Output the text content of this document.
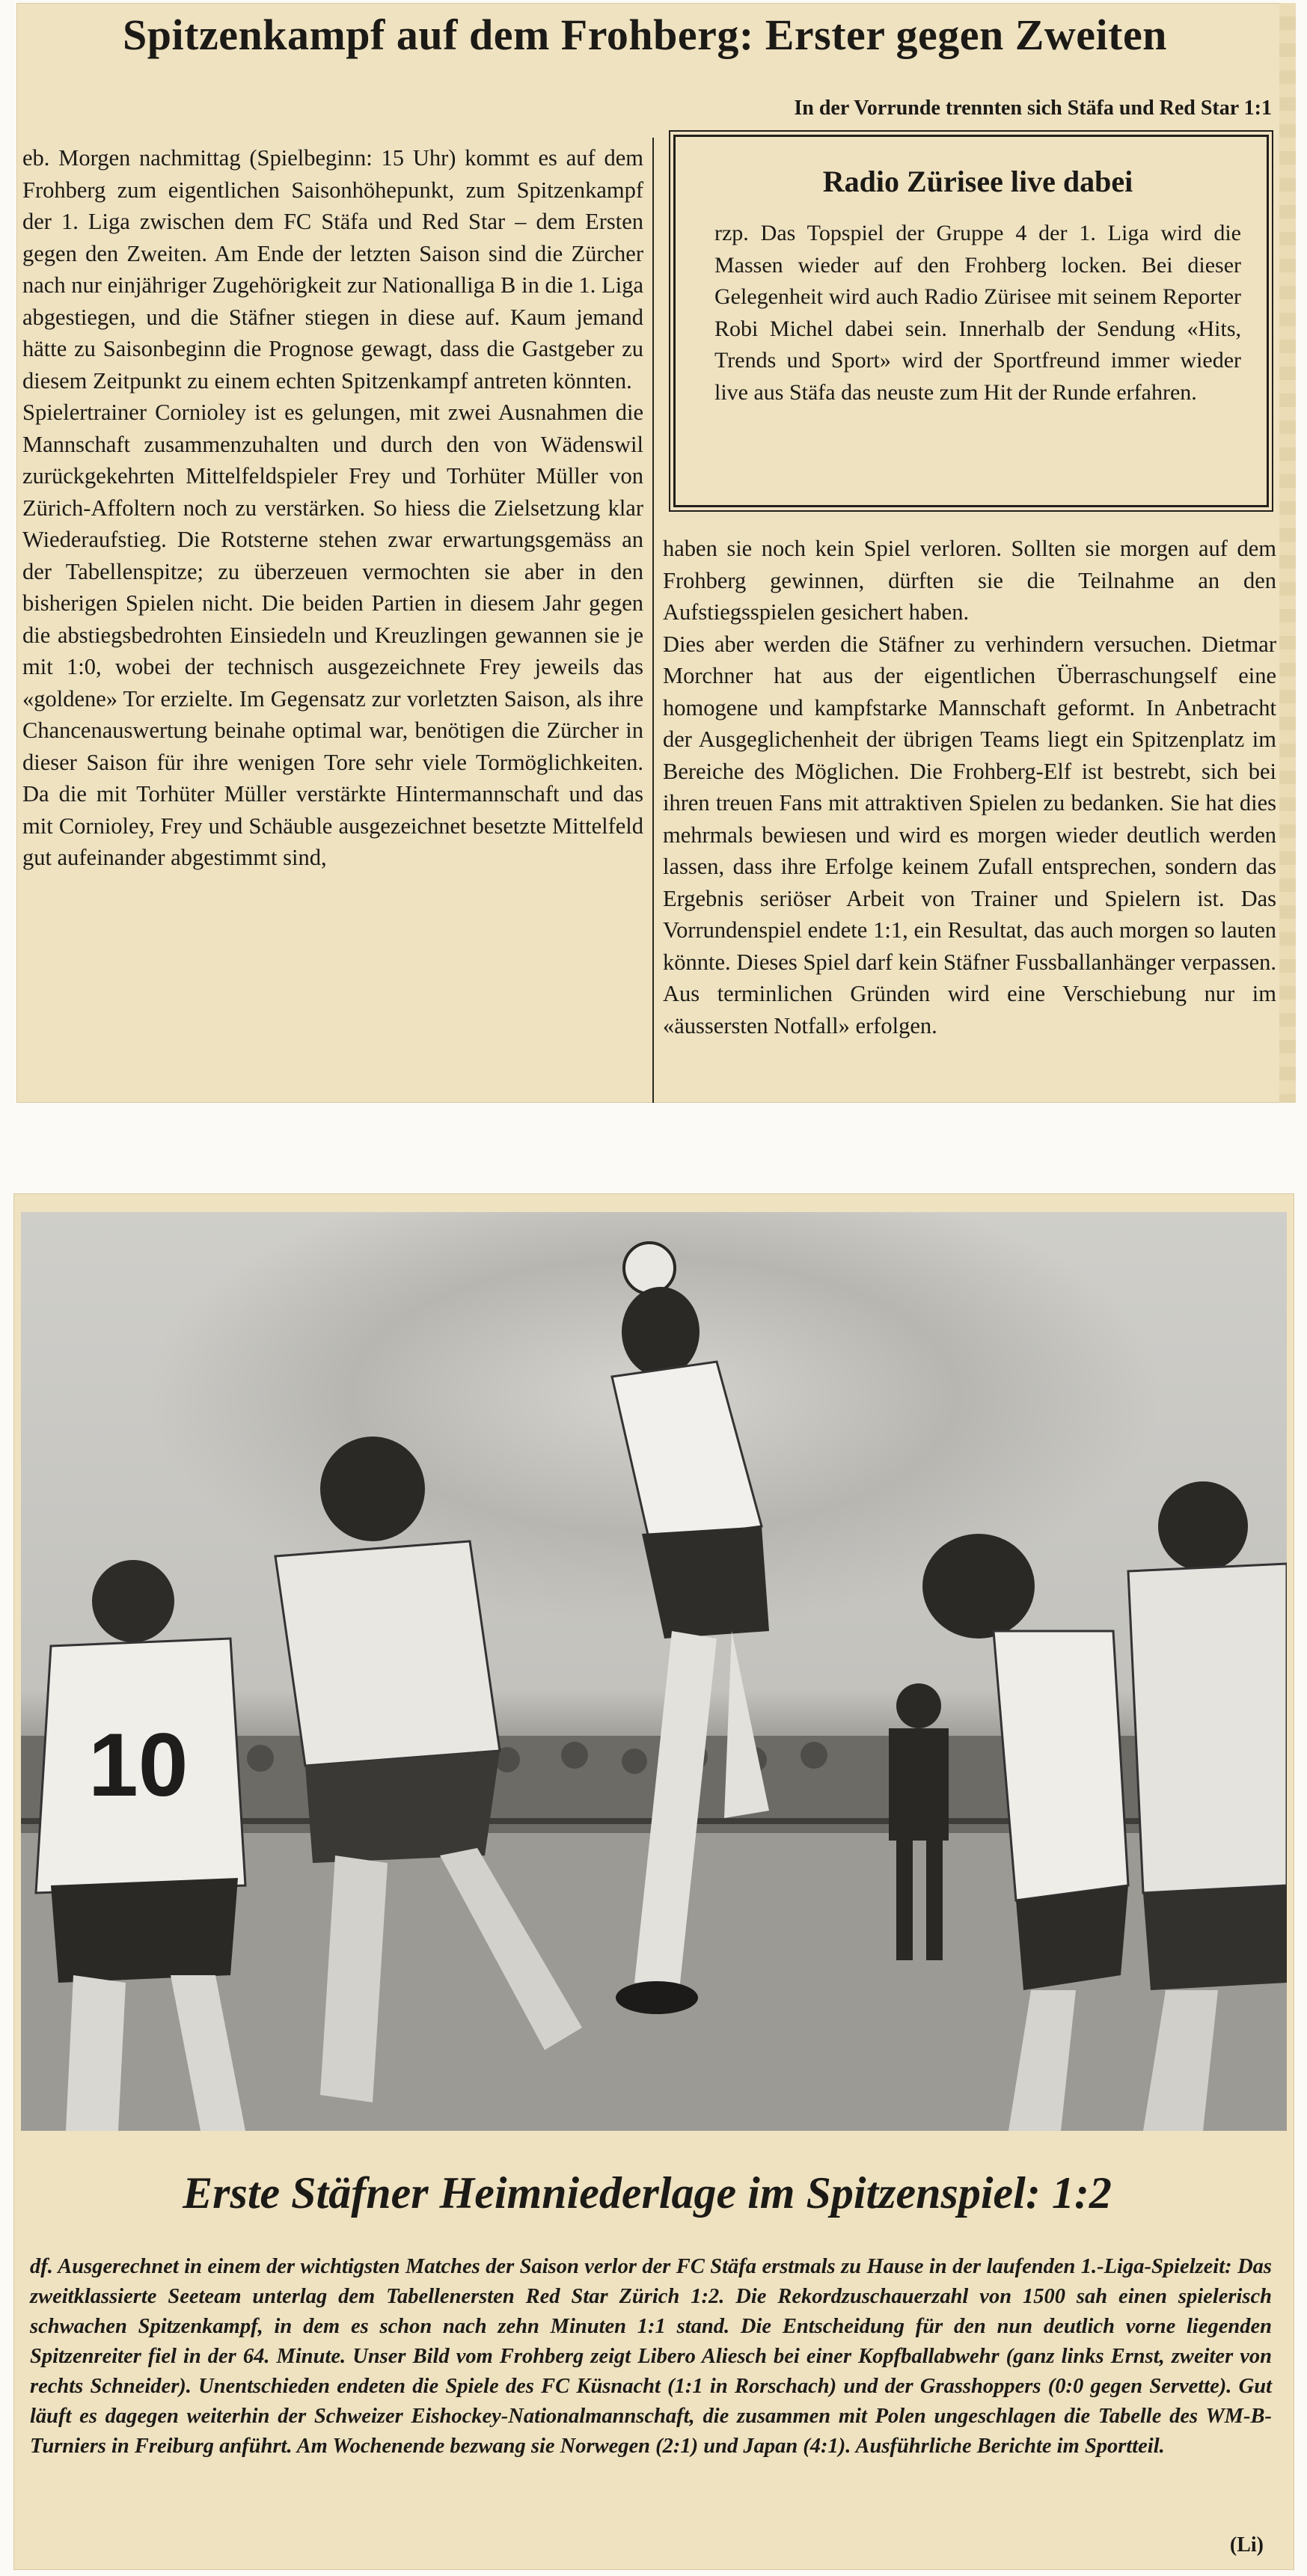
Spitzenkampf auf dem Frohberg: Erster gegen Zweiten
In der Vorrunde trennten sich Stäfa und Red Star 1:1

eb. Morgen nachmittag (Spielbeginn: 15 Uhr) kommt es auf dem Frohberg zum eigentlichen Saisonhöhepunkt, zum Spitzenkampf der 1. Liga zwischen dem FC Stäfa und Red Star – dem Ersten gegen den Zweiten. Am Ende der letzten Saison sind die Zürcher nach nur einjähriger Zugehörigkeit zur Nationalliga B in die 1. Liga abgestiegen, und die Stäfner stiegen in diese auf. Kaum jemand hätte zu Saisonbeginn die Prognose gewagt, dass die Gastgeber zu diesem Zeitpunkt zu einem echten Spitzenkampf antreten könnten.

Spielertrainer Cornioley ist es gelungen, mit zwei Ausnahmen die Mannschaft zusammenzuhalten und durch den von Wädenswil zurückgekehrten Mittelfeldspieler Frey und Torhüter Müller von Zürich-Affoltern noch zu verstärken. So hiess die Zielsetzung klar Wiederaufstieg. Die Rotsterne stehen zwar erwartungsgemäss an der Tabellenspitze; zu überzeuen vermochten sie aber in den bisherigen Spielen nicht. Die beiden Partien in diesem Jahr gegen die abstiegsbedrohten Einsiedeln und Kreuzlingen gewannen sie je mit 1:0, wobei der technisch ausgezeichnete Frey jeweils das «goldene» Tor erzielte. Im Gegensatz zur vorletzten Saison, als ihre Chancenauswertung beinahe optimal war, benötigen die Zürcher in dieser Saison für ihre wenigen Tore sehr viele Tormöglichkeiten. Da die mit Torhüter Müller verstärkte Hintermannschaft und das mit Cornioley, Frey und Schäuble ausgezeichnet besetzte Mittelfeld gut aufeinander abgestimmt sind,

Radio Zürisee live dabei

rzp. Das Topspiel der Gruppe 4 der 1. Liga wird die Massen wieder auf den Frohberg locken. Bei dieser Gelegenheit wird auch Radio Zürisee mit seinem Reporter Robi Michel dabei sein. Innerhalb der Sendung «Hits, Trends und Sport» wird der Sportfreund immer wieder live aus Stäfa das neuste zum Hit der Runde erfahren.

haben sie noch kein Spiel verloren. Sollten sie morgen auf dem Frohberg gewinnen, dürften sie die Teilnahme an den Aufstiegsspielen gesichert haben.

Dies aber werden die Stäfner zu verhindern versuchen. Dietmar Morchner hat aus der eigentlichen Überraschungself eine homogene und kampfstarke Mannschaft geformt. In Anbetracht der Ausgeglichenheit der übrigen Teams liegt ein Spitzenplatz im Bereiche des Möglichen. Die Frohberg-Elf ist bestrebt, sich bei ihren treuen Fans mit attraktiven Spielen zu bedanken. Sie hat dies mehrmals bewiesen und wird es morgen wieder deutlich werden lassen, dass ihre Erfolge keinem Zufall entsprechen, sondern das Ergebnis seriöser Arbeit von Trainer und Spielern ist. Das Vorrundenspiel endete 1:1, ein Resultat, das auch morgen so lauten könnte. Dieses Spiel darf kein Stäfner Fussballanhänger verpassen. Aus terminlichen Gründen wird eine Verschiebung nur im «äussersten Notfall» erfolgen.

10
Erste Stäfner Heimniederlage im Spitzenspiel: 1:2

df. Ausgerechnet in einem der wichtigsten Matches der Saison verlor der FC Stäfa erstmals zu Hause in der laufenden 1.-Liga-Spielzeit: Das zweitklassierte Seeteam unterlag dem Tabellenersten Red Star Zürich 1:2. Die Rekordzuschauerzahl von 1500 sah einen spielerisch schwachen Spitzenkampf, in dem es schon nach zehn Minuten 1:1 stand. Die Entscheidung für den nun deutlich vorne liegenden Spitzenreiter fiel in der 64. Minute. Unser Bild vom Frohberg zeigt Libero Aliesch bei einer Kopfballabwehr (ganz links Ernst, zweiter von rechts Schneider). Unentschieden endeten die Spiele des FC Küsnacht (1:1 in Rorschach) und der Grasshoppers (0:0 gegen Servette). Gut läuft es dagegen weiterhin der Schweizer Eishockey-Nationalmannschaft, die zusammen mit Polen ungeschlagen die Tabelle des WM-B-Turniers in Freiburg anführt. Am Wochenende bezwang sie Norwegen (2:1) und Japan (4:1). Ausführliche Berichte im Sportteil.

(Li)
